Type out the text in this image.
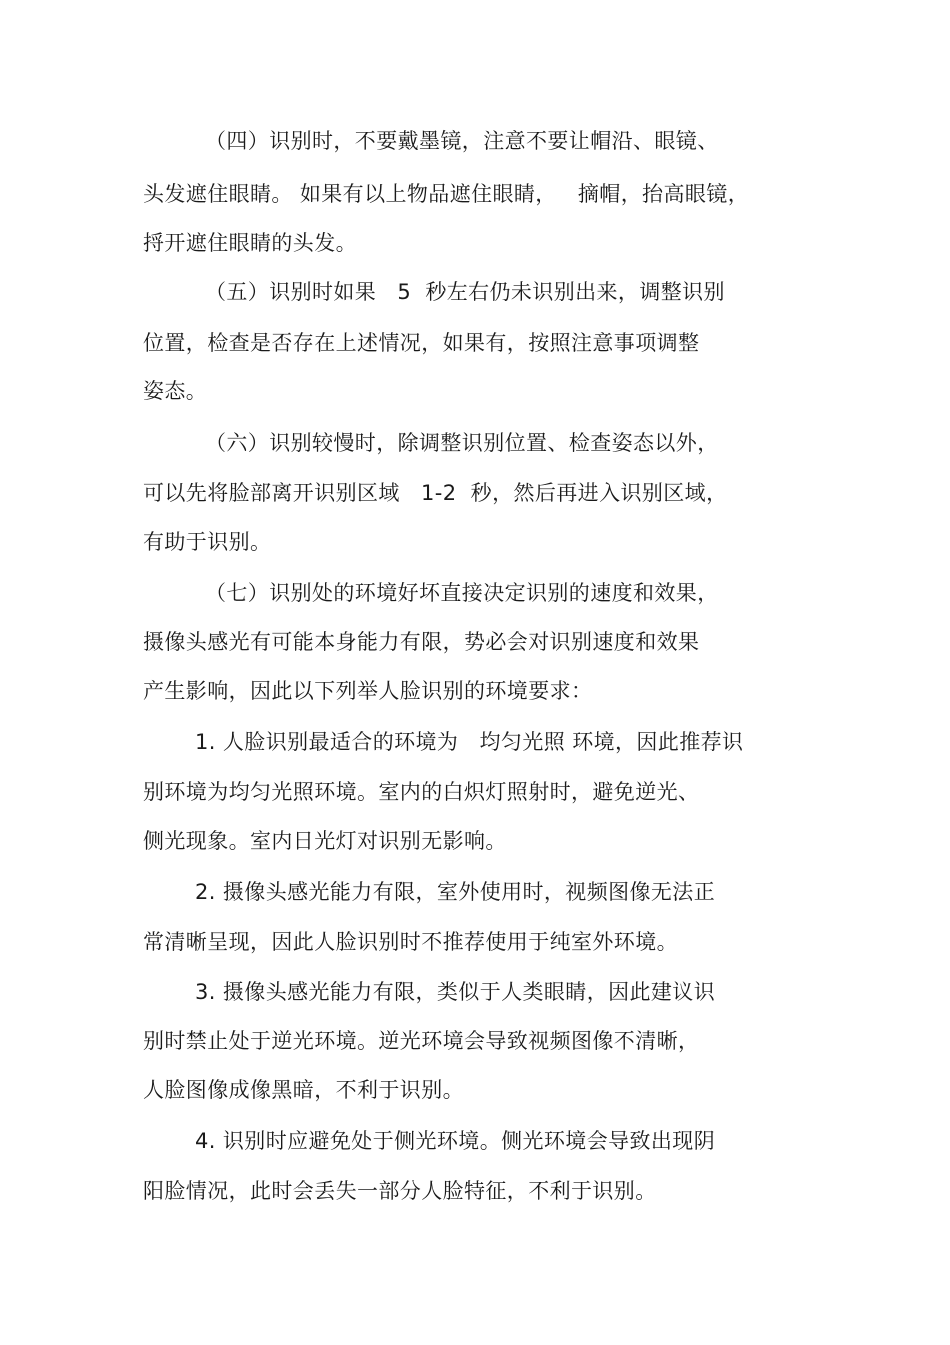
（四）识别时，不要戴墨镜，注意不要让帽沿、眼镜、
头发遮住眼睛。 如果有以上物品遮住眼睛，   摘帽，抬高眼镜，
捋开遮住眼睛的头发。
（五）识别时如果   5  秒左右仍未识别出来，调整识别
位置，检查是否存在上述情况，如果有，按照注意事项调整
姿态。
（六）识别较慢时，除调整识别位置、检查姿态以外，
可以先将脸部离开识别区域   1-2  秒，然后再进入识别区域，
有助于识别。
（七）识别处的环境好坏直接决定识别的速度和效果，
摄像头感光有可能本身能力有限，势必会对识别速度和效果
产生影响，因此以下列举人脸识别的环境要求：
1. 人脸识别最适合的环境为   均匀光照 环境，因此推荐识
别环境为均匀光照环境。室内的白炽灯照射时，避免逆光、
侧光现象。室内日光灯对识别无影响。
2. 摄像头感光能力有限，室外使用时，视频图像无法正
常清晰呈现，因此人脸识别时不推荐使用于纯室外环境。
3. 摄像头感光能力有限，类似于人类眼睛，因此建议识
别时禁止处于逆光环境。逆光环境会导致视频图像不清晰，
人脸图像成像黑暗，不利于识别。
4. 识别时应避免处于侧光环境。侧光环境会导致出现阴
阳脸情况，此时会丢失一部分人脸特征，不利于识别。
